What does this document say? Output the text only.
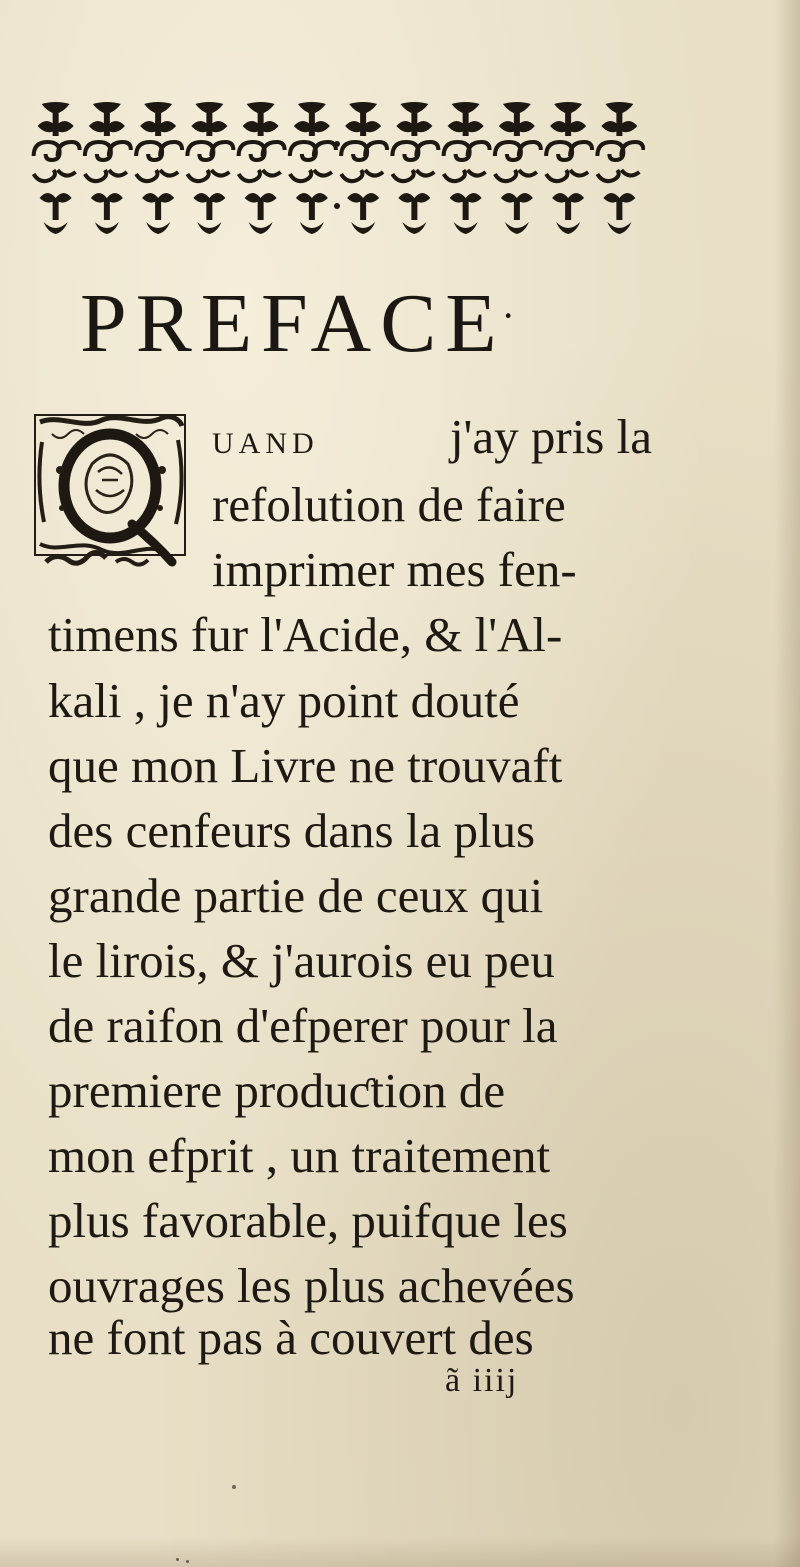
PREFACE·
UAND	j'ay pris la
refolution de faire
imprimer mes fen-
timens fur l'Acide, & l'Al-
kali , je n'ay point douté
que mon Livre ne trouvaft
des cenfeurs dans la plus
grande partie de ceux qui
le lirois, & j'aurois eu peu
de raifon d'efperer pour la
premiere produƈtion de
mon efprit , un traitement
plus favorable, puifque les
ouvrages les plus achevées
ne font pas à couvert des
ã iiij
